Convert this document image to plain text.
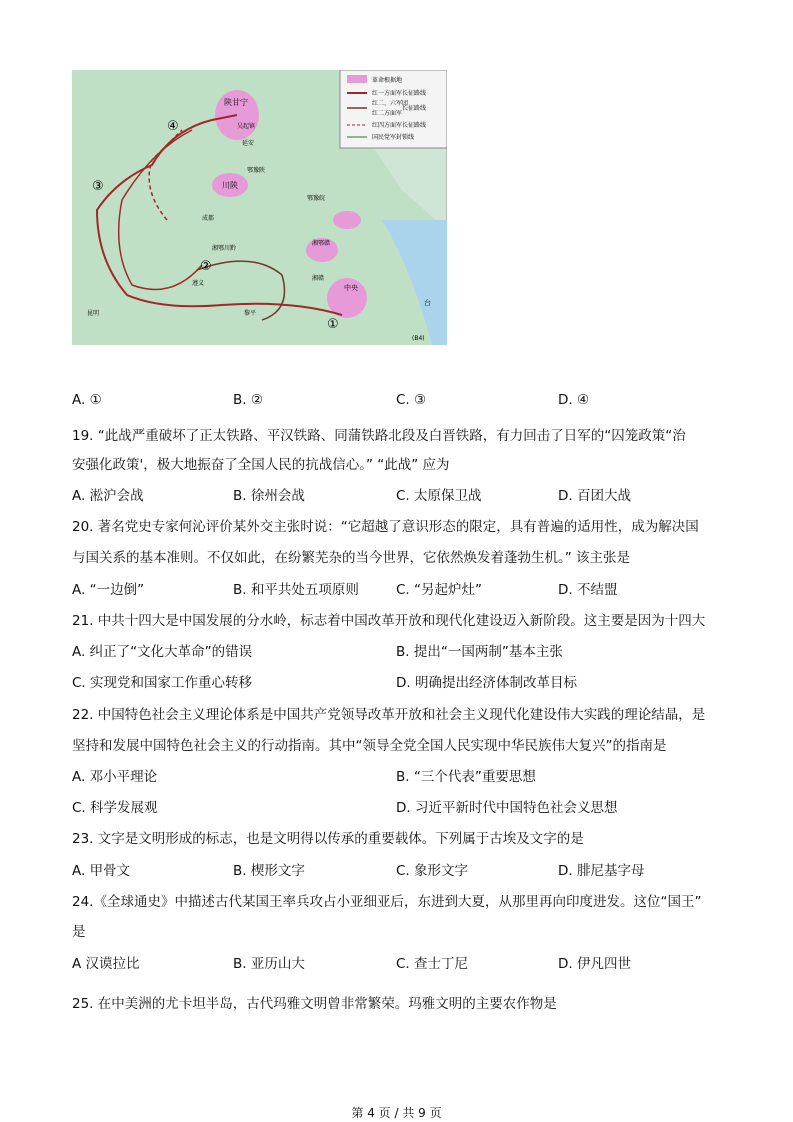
革命根据地
红一方面军长征路线
红二、六军团
红二方面军
长征路线
红四方面军长征路线
国民党军封锁线
陕甘宁
吴起镇
延安
川陕
鄂豫陕
鄂豫皖
成都
湘鄂川黔
湘鄂赣
湘赣
中央
遵义
黎平
昆明
台
(B4)
①
②
③
④
A. ①	B. ②	C. ③	D. ④
19. “此战严重破坏了正太铁路、平汉铁路、同蒲铁路北段及白晋铁路，有力回击了日军的“囚笼政策“治
安强化政策'，极大地振奋了全国人民的抗战信心。” “此战” 应为
A. 淞沪会战	B. 徐州会战	C. 太原保卫战	D. 百团大战
20. 著名党史专家何沁评价某外交主张时说：“它超越了意识形态的限定，具有普遍的适用性，成为解决国
与国关系的基本准则。不仅如此，在纷繁芜杂的当今世界，它依然焕发着蓬勃生机。” 该主张是
A. “一边倒”	B. 和平共处五项原则	C. “另起炉灶”	D. 不结盟
21. 中共十四大是中国发展的分水岭，标志着中国改革开放和现代化建设迈入新阶段。这主要是因为十四大
A. 纠正了“文化大革命”的错误	B. 提出“一国两制”基本主张
C. 实现党和国家工作重心转移	D. 明确提出经济体制改革目标
22. 中国特色社会主义理论体系是中国共产党领导改革开放和社会主义现代化建设伟大实践的理论结晶，是
坚持和发展中国特色社会主义的行动指南。其中“领导全党全国人民实现中华民族伟大复兴”的指南是
A. 邓小平理论	B. “三个代表”重要思想
C. 科学发展观	D. 习近平新时代中国特色社会义思想
23. 文字是文明形成的标志，也是文明得以传承的重要载体。下列属于古埃及文字的是
A. 甲骨文	B. 楔形文字	C. 象形文字	D. 腓尼基字母
24.《全球通史》中描述古代某国王率兵攻占小亚细亚后，东进到大夏，从那里再向印度进发。这位“国王”
是
A 汉谟拉比	B. 亚历山大	C. 查士丁尼	D. 伊凡四世
25. 在中美洲的尤卡坦半岛，古代玛雅文明曾非常繁荣。玛雅文明的主要农作物是
第 4 页 / 共 9 页
